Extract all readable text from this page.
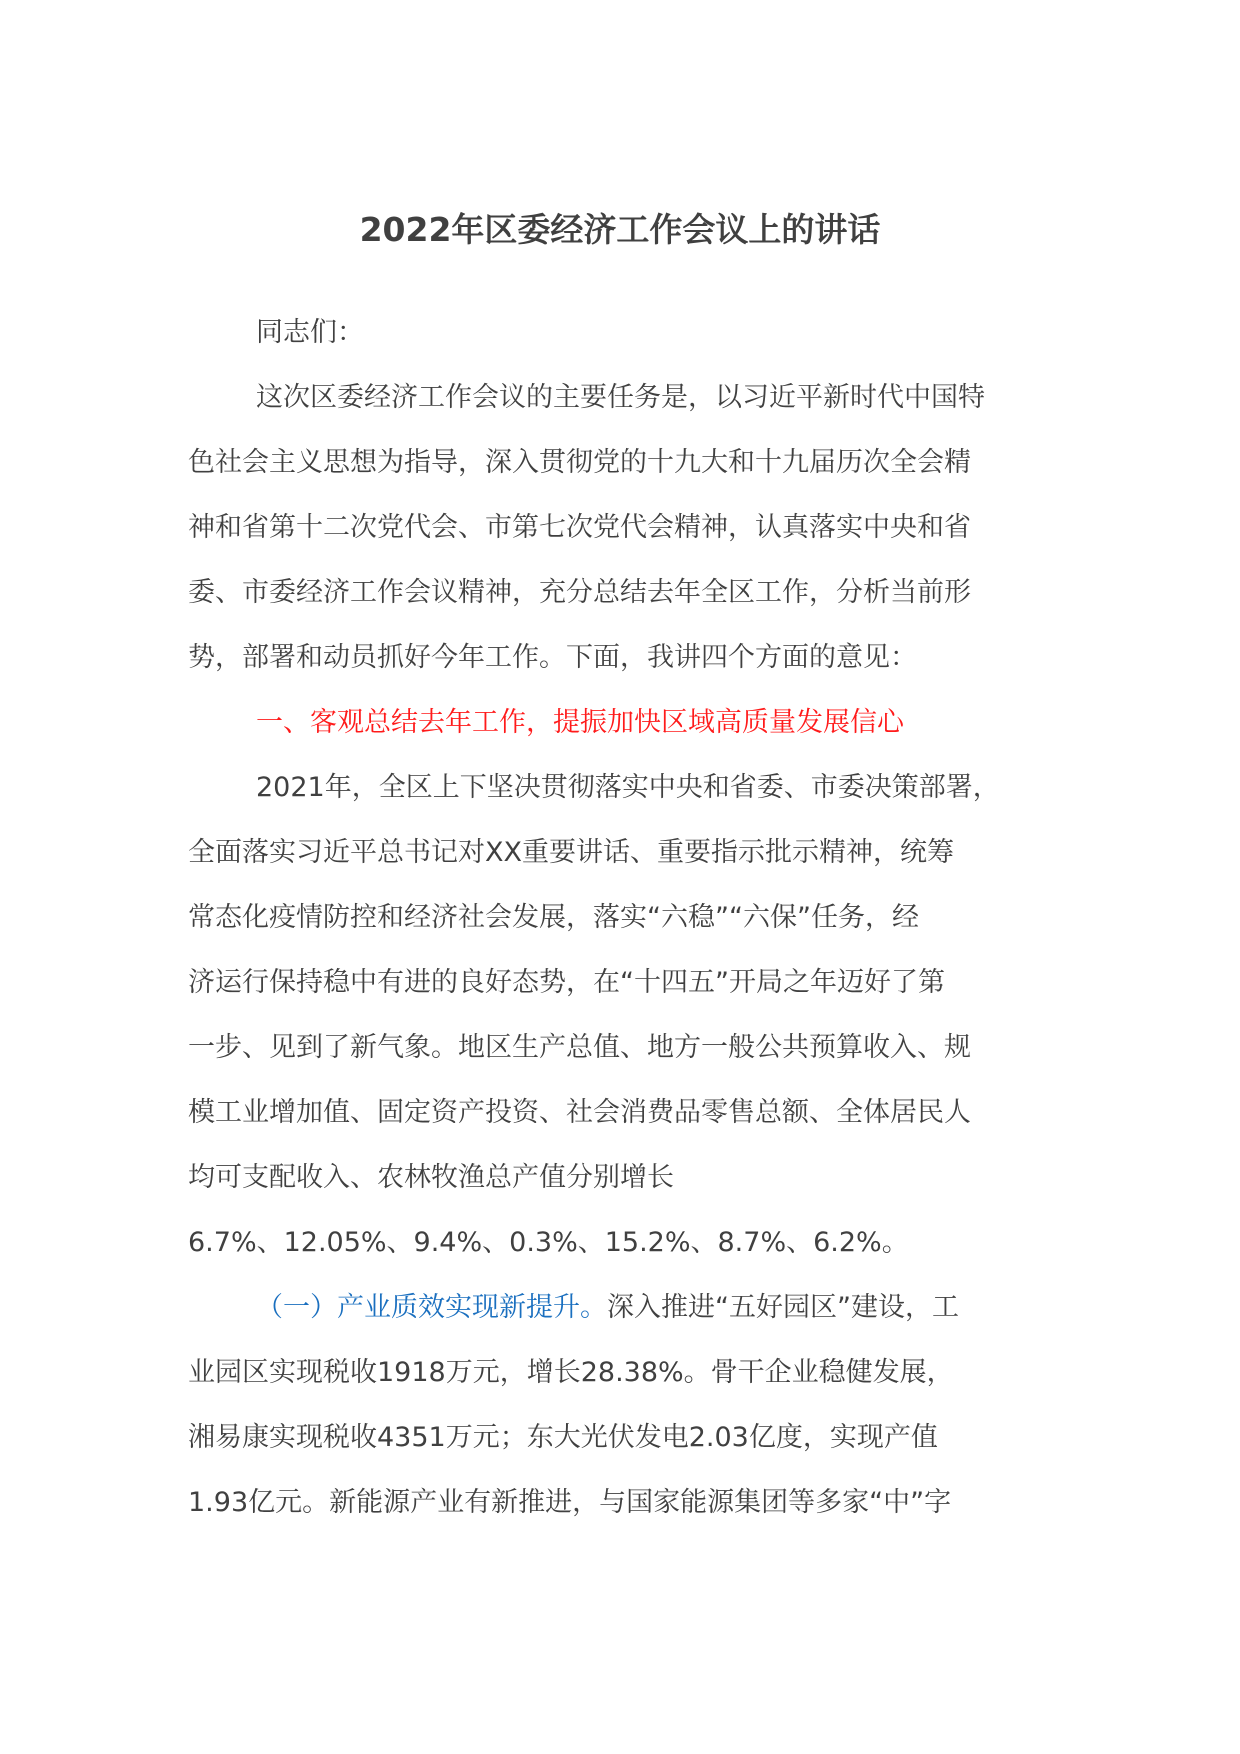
2022年区委经济工作会议上的讲话
同志们：
这次区委经济工作会议的主要任务是，以习近平新时代中国特
色社会主义思想为指导，深入贯彻党的十九大和十九届历次全会精
神和省第十二次党代会、市第七次党代会精神，认真落实中央和省
委、市委经济工作会议精神，充分总结去年全区工作，分析当前形
势，部署和动员抓好今年工作。下面，我讲四个方面的意见：
一、客观总结去年工作，提振加快区域高质量发展信心
2021年，全区上下坚决贯彻落实中央和省委、市委决策部署，
全面落实习近平总书记对XX重要讲话、重要指示批示精神，统筹
常态化疫情防控和经济社会发展，落实“六稳”“六保”任务，经
济运行保持稳中有进的良好态势，在“十四五”开局之年迈好了第
一步、见到了新气象。地区生产总值、地方一般公共预算收入、规
模工业增加值、固定资产投资、社会消费品零售总额、全体居民人
均可支配收入、农林牧渔总产值分别增长
6.7%、12.05%、9.4%、0.3%、15.2%、8.7%、6.2%。
（一）产业质效实现新提升。深入推进“五好园区”建设，工
业园区实现税收1918万元，增长28.38%。骨干企业稳健发展，
湘易康实现税收4351万元；东大光伏发电2.03亿度，实现产值
1.93亿元。新能源产业有新推进，与国家能源集团等多家“中”字
